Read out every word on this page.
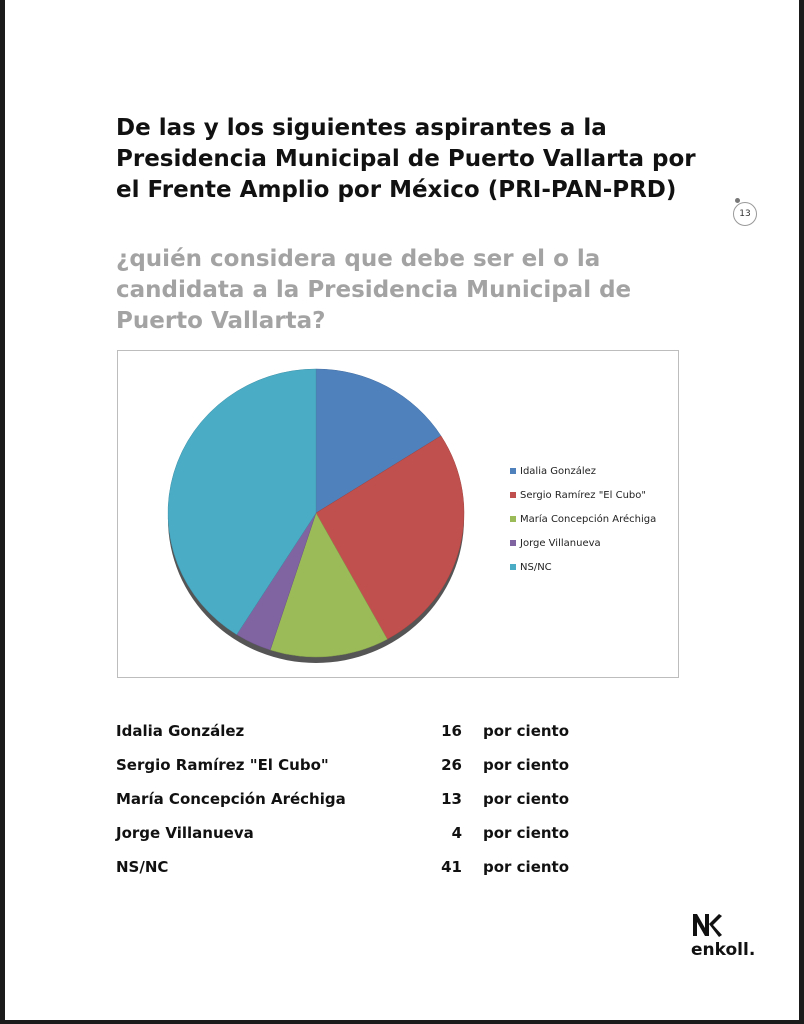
De las y los siguientes aspirantes a la Presidencia Municipal de Puerto Vallarta por el Frente Amplio por México (PRI-PAN-PRD)
13
¿quién considera que debe ser el o la candidata a la Presidencia Municipal de Puerto Vallarta?
Idalia González
Sergio Ramírez "El Cubo"
María Concepción Aréchiga
Jorge Villanueva
NS/NC
Idalia González	16 por ciento
Sergio Ramírez "El Cubo"	26 por ciento
María Concepción Aréchiga	13 por ciento
Jorge Villanueva	4 por ciento
NS/NC	41 por ciento
enkoll.
